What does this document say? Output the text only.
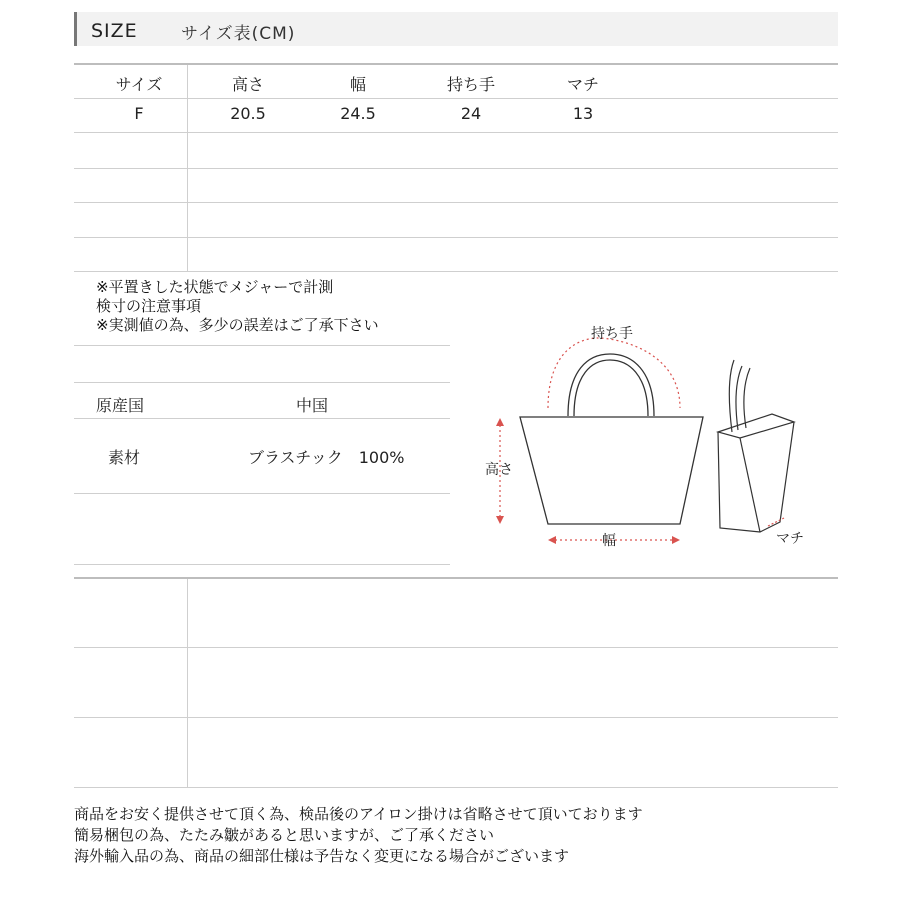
SIZE	サイズ表(CM)
サイズ	高さ	幅	持ち手	マチ
F	20.5	24.5	24	13
※平置きした状態でメジャーで計測
検寸の注意事項
※実測値の為、多少の誤差はご了承下さい
原産国	中国
素材	ブラスチック　100%
持ち手
高さ
幅	マチ
商品をお安く提供させて頂く為、検品後のアイロン掛けは省略させて頂いております
簡易梱包の為、たたみ皺があると思いますが、ご了承ください
海外輸入品の為、商品の細部仕様は予告なく変更になる場合がございます
